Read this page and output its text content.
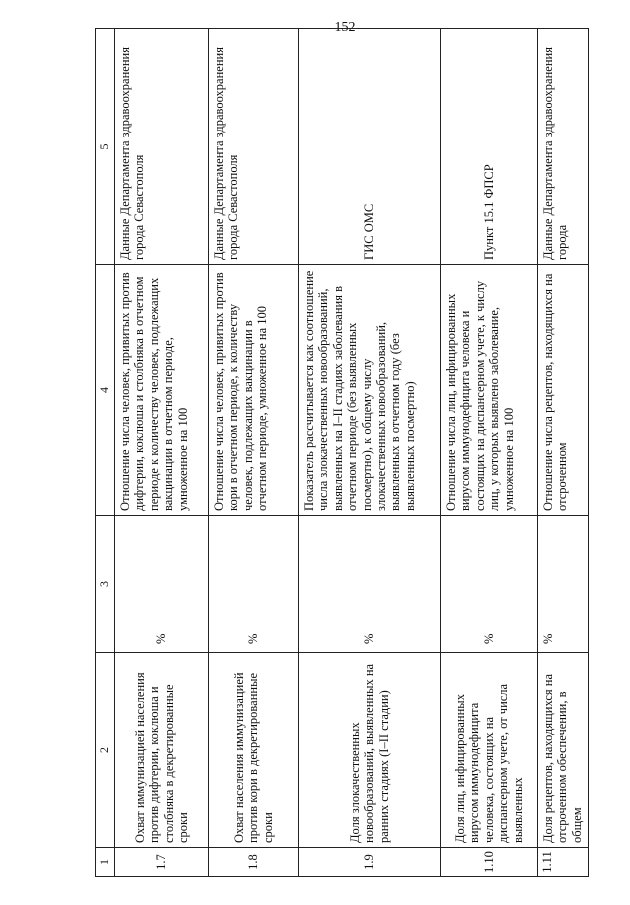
152
1	2	3	4	5
1.7	Охват иммунизацией населения против дифтерии, коклюша и столбняка в декретированные сроки	%	Отношение числа человек, привитых против дифтерии, коклюша и столбняка в отчетном периоде к количеству человек, подлежащих вакцинации в отчетном периоде, умноженное на 100	Данные Департамента здравоохранения города Севастополя
1.8	Охват населения иммунизацией против кори в декретированные сроки	%	Отношение числа человек, привитых против кори в отчетном периоде, к количеству человек, подлежащих вакцинации в отчетном периоде, умноженное на 100	Данные Департамента здравоохранения города Севастополя
1.9	Доля злокачественных новообразований, выявленных на ранних стадиях (I–II стадии)	%	Показатель рассчитывается как соотношение числа злокачественных новообразований, выявленных на I–II стадиях заболевания в отчетном периоде (без выявленных посмертно), к общему числу злокачественных новообразований, выявленных в отчетном году (без выявленных посмертно)	ГИС ОМС
1.10	Доля лиц, инфицированных вирусом иммунодефицита человека, состоящих на диспансерном учете, от числа выявленных	%	Отношение числа лиц, инфицированных вирусом иммунодефицита человека и состоящих на диспансерном учете, к числу лиц, у которых выявлено заболевание, умноженное на 100	Пункт 15.1 ФПСР
1.11	Доля рецептов, находящихся на отсроченном обеспечении, в общем	%	Отношение числа рецептов, находящихся на отсроченном	Данные Департамента здравоохранения города
